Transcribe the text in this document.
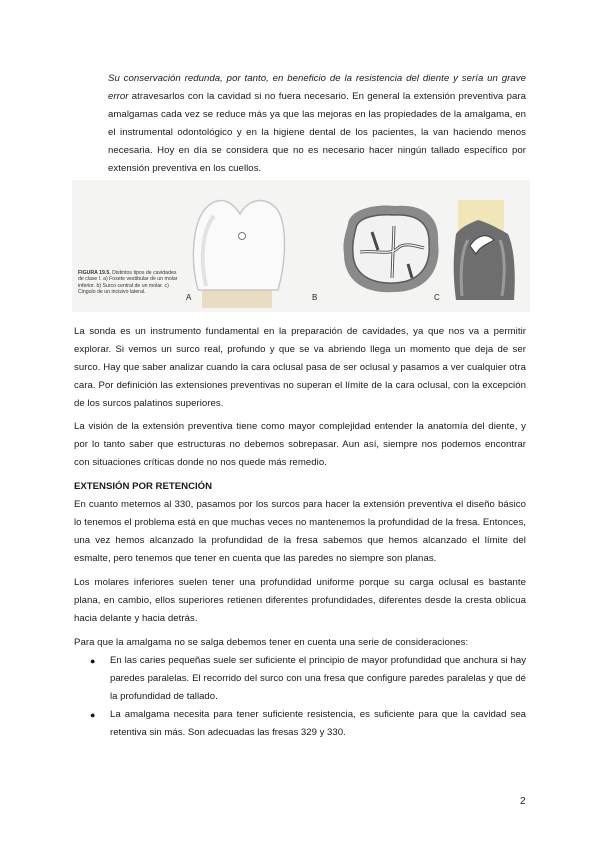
Su conservación redunda, por tanto, en beneficio de la resistencia del diente y sería un grave error atravesarlos con la cavidad si no fuera necesario. En general la extensión preventiva para amalgamas cada vez se reduce más ya que las mejoras en las propiedades de la amalgama, en el instrumental odontológico y en la higiene dental de los pacientes, la van haciendo menos necesaria. Hoy en día se considera que no es necesario hacer ningún tallado específico por extensión preventiva en los cuellos.

FIGURA 19.5. Distintos tipos de cavidades de clase I. a) Fosete vestibular de un molar inferior. b) Surco central de un molar. c) Cingulo de un incisivo lateral.
A	B	C

La sonda es un instrumento fundamental en la preparación de cavidades, ya que nos va a permitir explorar. Si vemos un surco real, profundo y que se va abriendo llega un momento que deja de ser surco. Hay que saber analizar cuando la cara oclusal pasa de ser oclusal y pasamos a ver cualquier otra cara. Por definición las extensiones preventivas no superan el límite de la cara oclusal, con la excepción de los surcos palatinos superiores.

La visión de la extensión preventiva tiene como mayor complejidad entender la anatomía del diente, y por lo tanto saber que estructuras no debemos sobrepasar. Aun así, siempre nos podemos encontrar con situaciones críticas donde no nos quede más remedio.

EXTENSIÓN POR RETENCIÓN

En cuanto metemos al 330, pasamos por los surcos para hacer la extensión preventiva el diseño básico lo tenemos el problema está en que muchas veces no mantenemos la profundidad de la fresa. Entonces, una vez hemos alcanzado la profundidad de la fresa sabemos que hemos alcanzado el límite del esmalte, pero tenemos que tener en cuenta que las paredes no siempre son planas.

Los molares inferiores suelen tener una profundidad uniforme porque su carga oclusal es bastante plana, en cambio, ellos superiores retienen diferentes profundidades, diferentes desde la cresta oblicua hacia delante y hacia detrás.

Para que la amalgama no se salga debemos tener en cuenta una serie de consideraciones:

● En las caries pequeñas suele ser suficiente el principio de mayor profundidad que anchura si hay paredes paralelas. El recorrido del surco con una fresa que configure paredes paralelas y que dé la profundidad de tallado.
● La amalgama necesita para tener suficiente resistencia, es suficiente para que la cavidad sea retentiva sin más. Son adecuadas las fresas 329 y 330.
2
